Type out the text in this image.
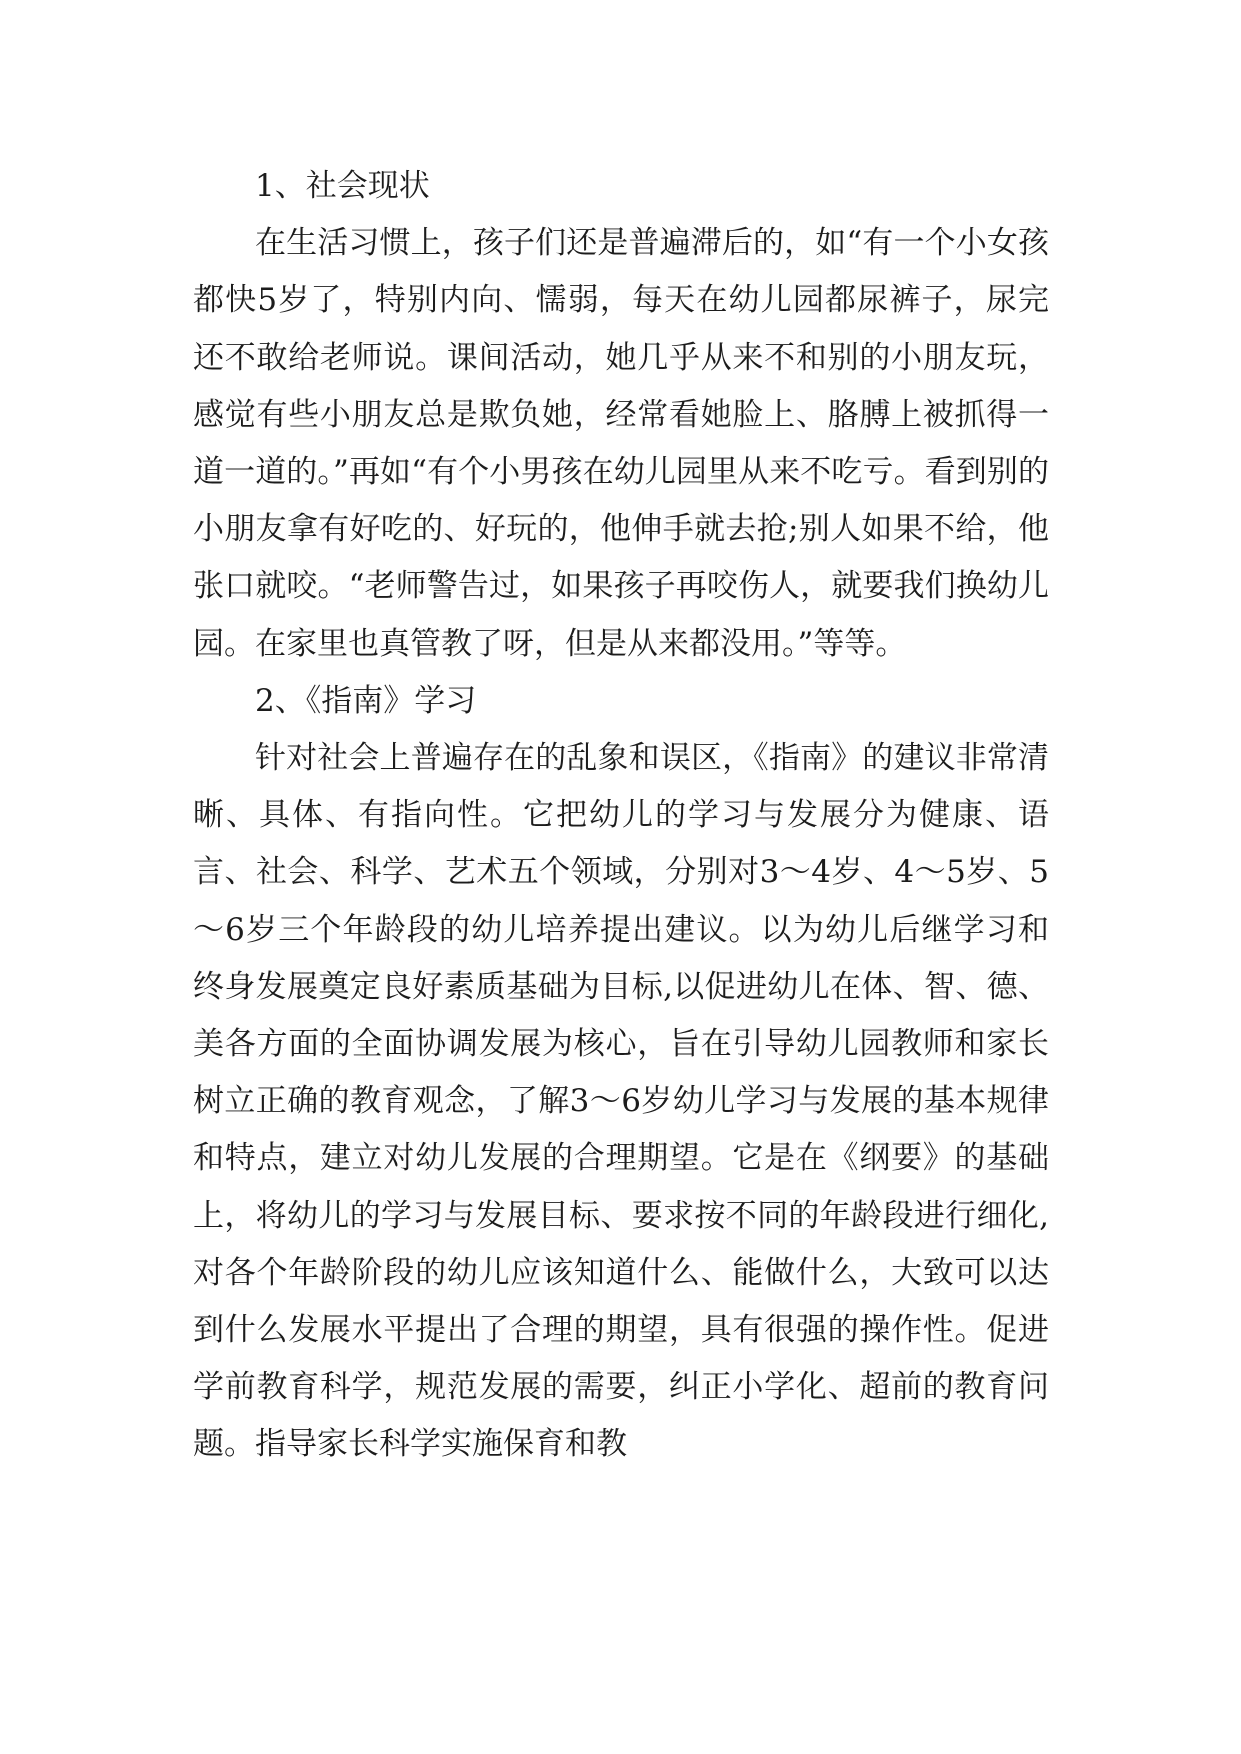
1、社会现状

在生活习惯上，孩子们还是普遍滞后的，如“有一个小女孩都快5岁了，特别内向、懦弱，每天在幼儿园都尿裤子，尿完还不敢给老师说。课间活动，她几乎从来不和别的小朋友玩，感觉有些小朋友总是欺负她，经常看她脸上、胳膊上被抓得一道一道的。”再如“有个小男孩在幼儿园里从来不吃亏。看到别的小朋友拿有好吃的、好玩的，他伸手就去抢;别人如果不给，他张口就咬。“老师警告过，如果孩子再咬伤人，就要我们换幼儿园。在家里也真管教了呀，但是从来都没用。”等等。

2、《指南》学习

针对社会上普遍存在的乱象和误区，《指南》的建议非常清晰、具体、有指向性。它把幼儿的学习与发展分为健康、语言、社会、科学、艺术五个领域，分别对3～4岁、4～5岁、5～6岁三个年龄段的幼儿培养提出建议。以为幼儿后继学习和终身发展奠定良好素质基础为目标,以促进幼儿在体、智、德、美各方面的全面协调发展为核心，旨在引导幼儿园教师和家长树立正确的教育观念，了解3～6岁幼儿学习与发展的基本规律和特点，建立对幼儿发展的合理期望。它是在《纲要》的基础上，将幼儿的学习与发展目标、要求按不同的年龄段进行细化,对各个年龄阶段的幼儿应该知道什么、能做什么，大致可以达到什么发展水平提出了合理的期望，具有很强的操作性。促进学前教育科学，规范发展的需要，纠正小学化、超前的教育问题。指导家长科学实施保育和教
